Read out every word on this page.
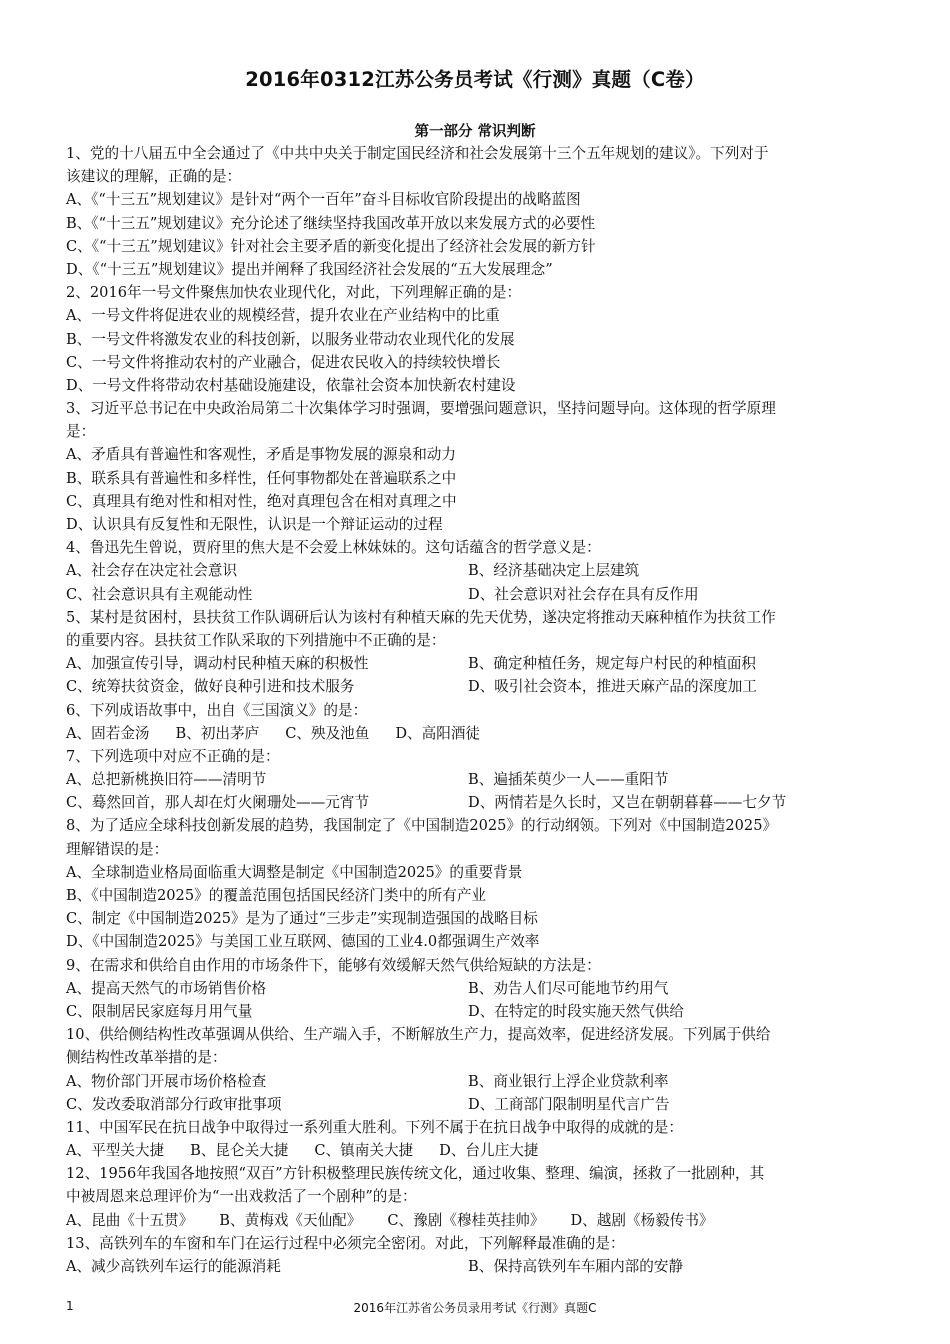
2016年0312江苏公务员考试《行测》真题（C卷）
第一部分 常识判断
1、党的十八届五中全会通过了《中共中央关于制定国民经济和社会发展第十三个五年规划的建议》。下列对于
该建议的理解，正确的是：
A、《“十三五”规划建议》是针对“两个一百年”奋斗目标收官阶段提出的战略蓝图
B、《“十三五”规划建议》充分论述了继续坚持我国改革开放以来发展方式的必要性
C、《“十三五”规划建议》针对社会主要矛盾的新变化提出了经济社会发展的新方针
D、《“十三五”规划建议》提出并阐释了我国经济社会发展的“五大发展理念”
2、2016年一号文件聚焦加快农业现代化，对此，下列理解正确的是：
A、一号文件将促进农业的规模经营，提升农业在产业结构中的比重
B、一号文件将激发农业的科技创新，以服务业带动农业现代化的发展
C、一号文件将推动农村的产业融合，促进农民收入的持续较快增长
D、一号文件将带动农村基础设施建设，依靠社会资本加快新农村建设
3、习近平总书记在中央政治局第二十次集体学习时强调，要增强问题意识，坚持问题导向。这体现的哲学原理
是：
A、矛盾具有普遍性和客观性，矛盾是事物发展的源泉和动力
B、联系具有普遍性和多样性，任何事物都处在普遍联系之中
C、真理具有绝对性和相对性，绝对真理包含在相对真理之中
D、认识具有反复性和无限性，认识是一个辩证运动的过程
4、鲁迅先生曾说，贾府里的焦大是不会爱上林妹妹的。这句话蕴含的哲学意义是：
A、社会存在决定社会意识	B、经济基础决定上层建筑
C、社会意识具有主观能动性	D、社会意识对社会存在具有反作用
5、某村是贫困村，县扶贫工作队调研后认为该村有种植天麻的先天优势，遂决定将推动天麻种植作为扶贫工作
的重要内容。县扶贫工作队采取的下列措施中不正确的是：
A、加强宣传引导，调动村民种植天麻的积极性	B、确定种植任务，规定每户村民的种植面积
C、统筹扶贫资金，做好良种引进和技术服务	D、吸引社会资本，推进天麻产品的深度加工
6、下列成语故事中，出自《三国演义》的是：
A、固若金汤 B、初出茅庐 C、殃及池鱼 D、高阳酒徒
7、下列选项中对应不正确的是：
A、总把新桃换旧符——清明节	B、遍插茱萸少一人——重阳节
C、蓦然回首，那人却在灯火阑珊处——元宵节	D、两情若是久长时，又岂在朝朝暮暮——七夕节
8、为了适应全球科技创新发展的趋势，我国制定了《中国制造2025》的行动纲领。下列对《中国制造2025》
理解错误的是：
A、全球制造业格局面临重大调整是制定《中国制造2025》的重要背景
B、《中国制造2025》的覆盖范围包括国民经济门类中的所有产业
C、制定《中国制造2025》是为了通过“三步走”实现制造强国的战略目标
D、《中国制造2025》与美国工业互联网、德国的工业4.0都强调生产效率
9、在需求和供给自由作用的市场条件下，能够有效缓解天然气供给短缺的方法是：
A、提高天然气的市场销售价格	B、劝告人们尽可能地节约用气
C、限制居民家庭每月用气量	D、在特定的时段实施天然气供给
10、供给侧结构性改革强调从供给、生产端入手，不断解放生产力，提高效率，促进经济发展。下列属于供给
侧结构性改革举措的是：
A、物价部门开展市场价格检查	B、商业银行上浮企业贷款利率
C、发改委取消部分行政审批事项	D、工商部门限制明星代言广告
11、中国军民在抗日战争中取得过一系列重大胜利。下列不属于在抗日战争中取得的成就的是：
A、平型关大捷 B、昆仑关大捷 C、镇南关大捷 D、台儿庄大捷
12、1956年我国各地按照“双百”方针积极整理民族传统文化，通过收集、整理、编演，拯救了一批剧种，其
中被周恩来总理评价为“一出戏救活了一个剧种”的是：
A、昆曲《十五贯》 B、黄梅戏《天仙配》 C、豫剧《穆桂英挂帅》 D、越剧《杨毅传书》
13、高铁列车的车窗和车门在运行过程中必须完全密闭。对此，下列解释最准确的是：
A、减少高铁列车运行的能源消耗	B、保持高铁列车车厢内部的安静
1	2016年江苏省公务员录用考试《行测》真题C
